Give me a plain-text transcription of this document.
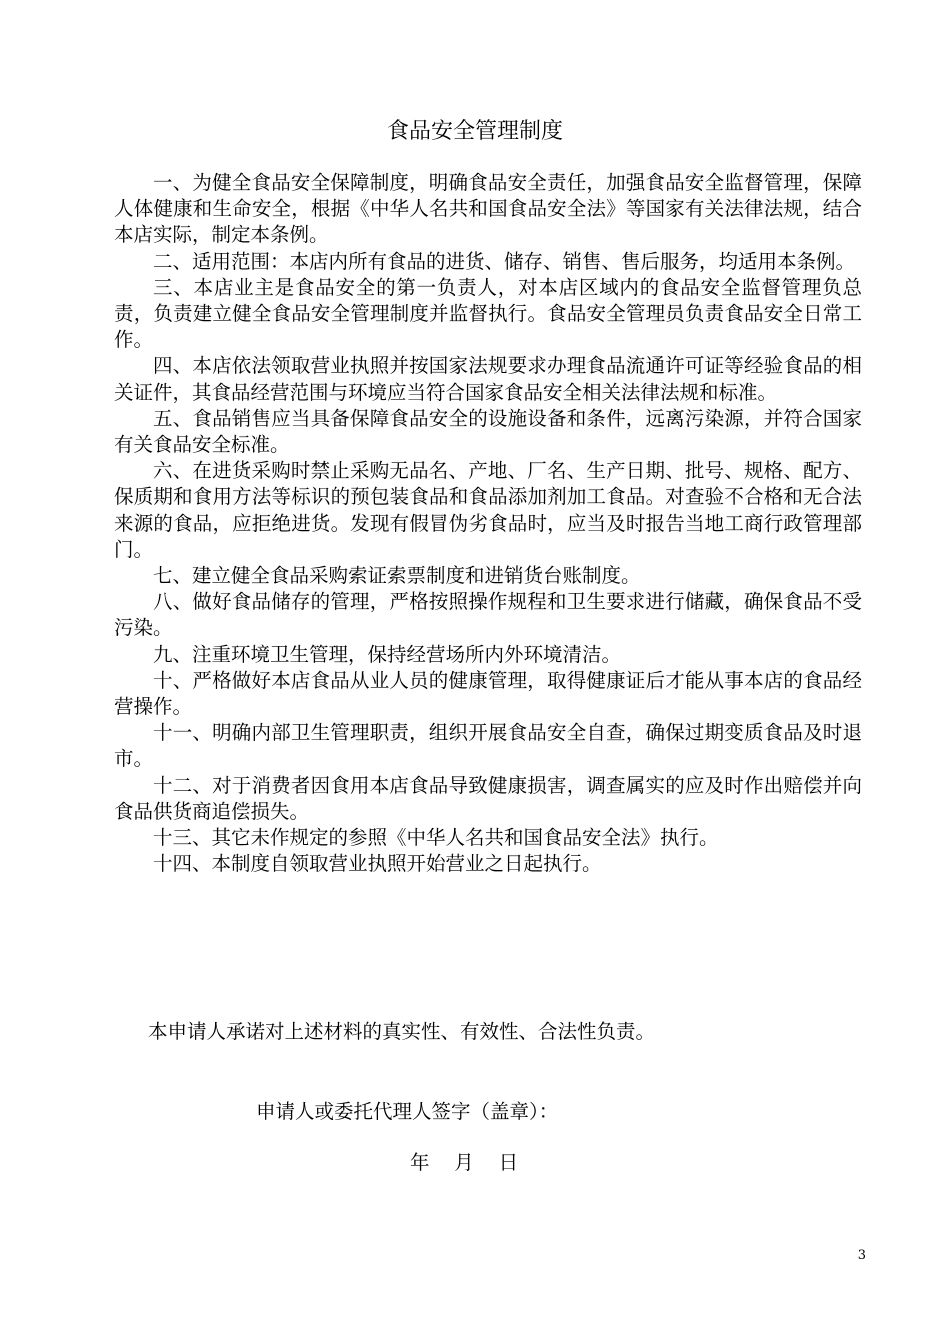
食品安全管理制度

一、为健全食品安全保障制度，明确食品安全责任，加强食品安全监督管理，保障人体健康和生命安全，根据《中华人名共和国食品安全法》等国家有关法律法规，结合本店实际，制定本条例。

二、适用范围：本店内所有食品的进货、储存、销售、售后服务，均适用本条例。

三、本店业主是食品安全的第一负责人，对本店区域内的食品安全监督管理负总责，负责建立健全食品安全管理制度并监督执行。食品安全管理员负责食品安全日常工作。

四、本店依法领取营业执照并按国家法规要求办理食品流通许可证等经验食品的相关证件，其食品经营范围与环境应当符合国家食品安全相关法律法规和标准。

五、食品销售应当具备保障食品安全的设施设备和条件，远离污染源，并符合国家有关食品安全标准。

六、在进货采购时禁止采购无品名、产地、厂名、生产日期、批号、规格、配方、保质期和食用方法等标识的预包装食品和食品添加剂加工食品。对查验不合格和无合法来源的食品，应拒绝进货。发现有假冒伪劣食品时，应当及时报告当地工商行政管理部门。

七、建立健全食品采购索证索票制度和进销货台账制度。

八、做好食品储存的管理，严格按照操作规程和卫生要求进行储藏，确保食品不受污染。

九、注重环境卫生管理，保持经营场所内外环境清洁。

十、严格做好本店食品从业人员的健康管理，取得健康证后才能从事本店的食品经营操作。

十一、明确内部卫生管理职责，组织开展食品安全自查，确保过期变质食品及时退市。

十二、对于消费者因食用本店食品导致健康损害，调查属实的应及时作出赔偿并向食品供货商追偿损失。

十三、其它未作规定的参照《中华人名共和国食品安全法》执行。

十四、本制度自领取营业执照开始营业之日起执行。

本申请人承诺对上述材料的真实性、有效性、合法性负责。

申请人或委托代理人签字（盖章）：

年    月    日

3
